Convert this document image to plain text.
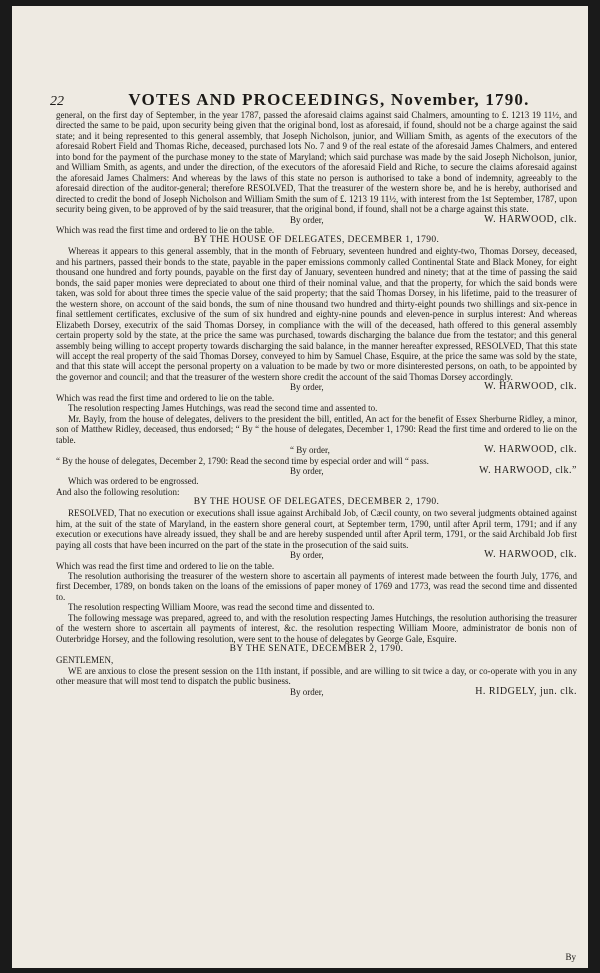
22	VOTES AND PROCEEDINGS, November, 1790.

general, on the first day of September, in the year 1787, passed the aforesaid claims against said Chalmers, amounting to £. 1213 19 11½, and directed the same to be paid, upon security being given that the original bond, lost as aforesaid, if found, should not be a charge against the said state; and it being represented to this general assembly, that Joseph Nicholson, junior, and William Smith, as agents of the executors of the aforesaid Robert Field and Thomas Riche, deceased, purchased lots No. 7 and 9 of the real estate of the aforesaid James Chalmers, and entered into bond for the payment of the purchase money to the state of Maryland; which said purchase was made by the said Joseph Nicholson, junior, and William Smith, as agents, and under the direction, of the executors of the aforesaid Field and Riche, to secure the claims aforesaid against the aforesaid James Chalmers: And whereas by the laws of this state no person is authorised to take a bond of indemnity, agreeably to the aforesaid direction of the auditor-general; therefore RESOLVED, That the treasurer of the western shore be, and he is hereby, authorised and directed to credit the bond of Joseph Nicholson and William Smith the sum of £. 1213 19 11½, with interest from the 1st September, 1787, upon security being given, to be approved of by the said treasurer, that the original bond, if found, shall not be a charge against this state.

By order,	W. HARWOOD, clk.

Which was read the first time and ordered to lie on the table.

BY THE HOUSE OF DELEGATES, DECEMBER 1, 1790.

Whereas it appears to this general assembly, that in the month of February, seventeen hundred and eighty-two, Thomas Dorsey, deceased, and his partners, passed their bonds to the state, payable in the paper emissions commonly called Continental State and Black Money, for eight thousand one hundred and forty pounds, payable on the first day of January, seventeen hundred and ninety; that at the time of passing the said bonds, the said paper monies were depreciated to about one third of their nominal value, and that the property, for which the said bonds were taken, was sold for about three times the specie value of the said property; that the said Thomas Dorsey, in his lifetime, paid to the treasurer of the western shore, on account of the said bonds, the sum of nine thousand two hundred and thirty-eight pounds two shillings and six-pence in final settlement certificates, exclusive of the sum of six hundred and eighty-nine pounds and eleven-pence in surplus interest: And whereas Elizabeth Dorsey, executrix of the said Thomas Dorsey, in compliance with the will of the deceased, hath offered to this general assembly certain property sold by the state, at the price the same was purchased, towards discharging the balance due from the testator; and this general assembly being willing to accept property towards discharging the said balance, in the manner hereafter expressed, RESOLVED, That this state will accept the real property of the said Thomas Dorsey, conveyed to him by Samuel Chase, Esquire, at the price the same was sold by the state, and that this state will accept the personal property on a valuation to be made by two or more disinterested persons, on oath, to be appointed by the governor and council; and that the treasurer of the western shore credit the account of the said Thomas Dorsey accordingly.

By order,	W. HARWOOD, clk.

Which was read the first time and ordered to lie on the table.

The resolution respecting James Hutchings, was read the second time and assented to.

Mr. Bayly, from the house of delegates, delivers to the president the bill, entitled, An act for the benefit of Essex Sherburne Ridley, a minor, son of Matthew Ridley, deceased, thus endorsed; “ By “ the house of delegates, December 1, 1790: Read the first time and ordered to lie on the table.

“ By order,	W. HARWOOD, clk.

“ By the house of delegates, December 2, 1790: Read the second time by especial order and will “ pass.

By order,	W. HARWOOD, clk.”

Which was ordered to be engrossed.

And also the following resolution:

BY THE HOUSE OF DELEGATES, DECEMBER 2, 1790.

RESOLVED, That no execution or executions shall issue against Archibald Job, of Cæcil county, on two several judgments obtained against him, at the suit of the state of Maryland, in the eastern shore general court, at September term, 1790, until after April term, 1791; and if any execution or executions have already issued, they shall be and are hereby suspended until after April term, 1791, or the said Archibald Job first paying all costs that have been incurred on the part of the state in the prosecution of the said suits.

By order,	W. HARWOOD, clk.

Which was read the first time and ordered to lie on the table.

The resolution authorising the treasurer of the western shore to ascertain all payments of interest made between the fourth July, 1776, and first December, 1789, on bonds taken on the loans of the emissions of paper money of 1769 and 1773, was read the second time and dissented to.

The resolution respecting William Moore, was read the second time and dissented to.

The following message was prepared, agreed to, and with the resolution respecting James Hutchings, the resolution authorising the treasurer of the western shore to ascertain all payments of interest, &c. the resolution respecting William Moore, administrator de bonis non of Outerbridge Horsey, and the following resolution, were sent to the house of delegates by George Gale, Esquire.

BY THE SENATE, DECEMBER 2, 1790.

GENTLEMEN,

WE are anxious to close the present session on the 11th instant, if possible, and are willing to sit twice a day, or co-operate with you in any other measure that will most tend to dispatch the public business.

By order,	H. RIDGELY, jun. clk.
By
